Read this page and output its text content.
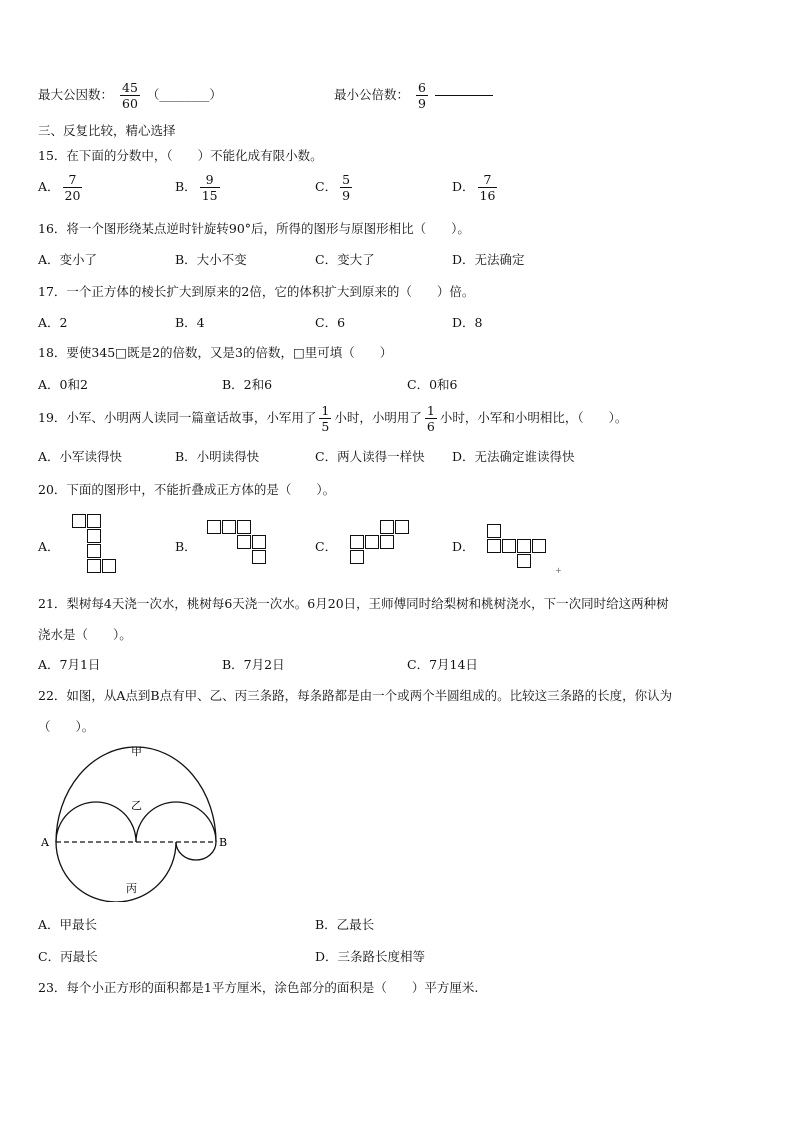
最大公因数： $\frac{45}{60}$ （________）	最小公倍数： $\frac{6}{9}$

三、反复比较，精心选择
15．在下面的分数中，（　　）不能化成有限小数。
A． $\frac{7}{20}$	B． $\frac{9}{15}$	C． $\frac{5}{9}$	D． $\frac{7}{16}$
16．将一个图形绕某点逆时针旋转90°后，所得的图形与原图形相比（　　）。
A．变小了	B．大小不变	C．变大了	D．无法确定
17．一个正方体的棱长扩大到原来的2倍，它的体积扩大到原来的（　　）倍。
A．2	B．4	C．6	D．8
18．要使345□既是2的倍数，又是3的倍数，□里可填（　　）
A．0和2	B．2和6	C．0和6
19．小军、小明两人读同一篇童话故事，小军用了 $\frac{1}{5}$ 小时，小明用了 $\frac{1}{6}$ 小时，小军和小明相比，（　　）。
A．小军读得快	B．小明读得快	C．两人读得一样快 D．无法确定谁读得快
20．下面的图形中，不能折叠成正方体的是（　　）。
A．	B．	C．	D．
+
21．梨树每4天浇一次水，桃树每6天浇一次水。6月20日，王师傅同时给梨树和桃树浇水，下一次同时给这两种树
浇水是（　　）。
A．7月1日	B．7月2日	C．7月14日
22．如图，从A点到B点有甲、乙、丙三条路，每条路都是由一个或两个半圆组成的。比较这三条路的长度，你认为
（　　）。
甲
乙
丙
A	B
A．甲最长	B．乙最长
C．丙最长	D．三条路长度相等
23．每个小正方形的面积都是1平方厘米，涂色部分的面积是（　　）平方厘米.
